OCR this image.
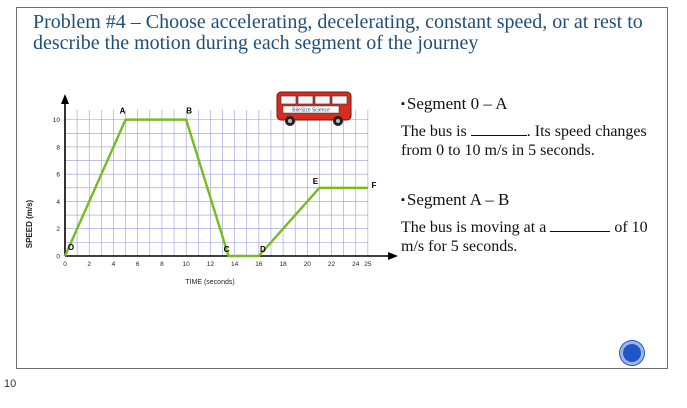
Problem #4 – Choose accelerating, decelerating, constant speed, or at rest to describe the motion during each segment of the journey
0	2	4	6	8	10	12	14	16	18	20	22	24 25
0
2
4
6
8
10
O
A	B
C	D
E	F
TIME (seconds)
SPEED (m/s)
BiteSize Science
▪ Segment 0 – A
The bus is	. Its speed changes from 0 to 10 m/s in 5 seconds.
▪ Segment A – B
The bus is moving at a	of 10 m/s for 5 seconds.
10
